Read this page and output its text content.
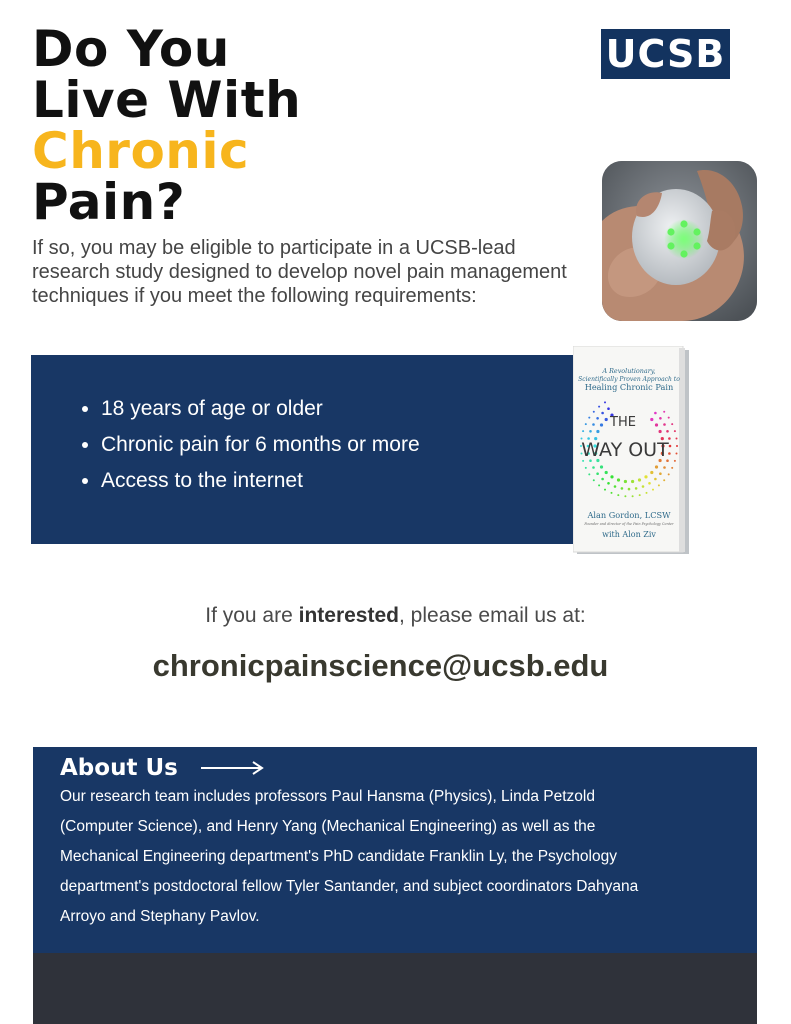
Do You
Live With
Chronic
Pain?
UCSB

If so, you may be eligible to participate in a UCSB-lead research study designed to develop novel pain management techniques if you meet the following requirements:

• 18 years of age or older
• Chronic pain for 6 months or more
• Access to the internet
A Revolutionary,
Scientifically Proven Approach to
Healing Chronic Pain
THE
WAY OUT
Alan Gordon, LCSW
Founder and director of the Pain Psychology Center
with Alon Ziv

If you are interested, please email us at:

chronicpainscience@ucsb.edu

About Us

Our research team includes professors Paul Hansma (Physics), Linda Petzold (Computer Science), and Henry Yang (Mechanical Engineering) as well as the Mechanical Engineering department's PhD candidate Franklin Ly, the Psychology department's postdoctoral fellow Tyler Santander, and subject coordinators Dahyana Arroyo and Stephany Pavlov.
